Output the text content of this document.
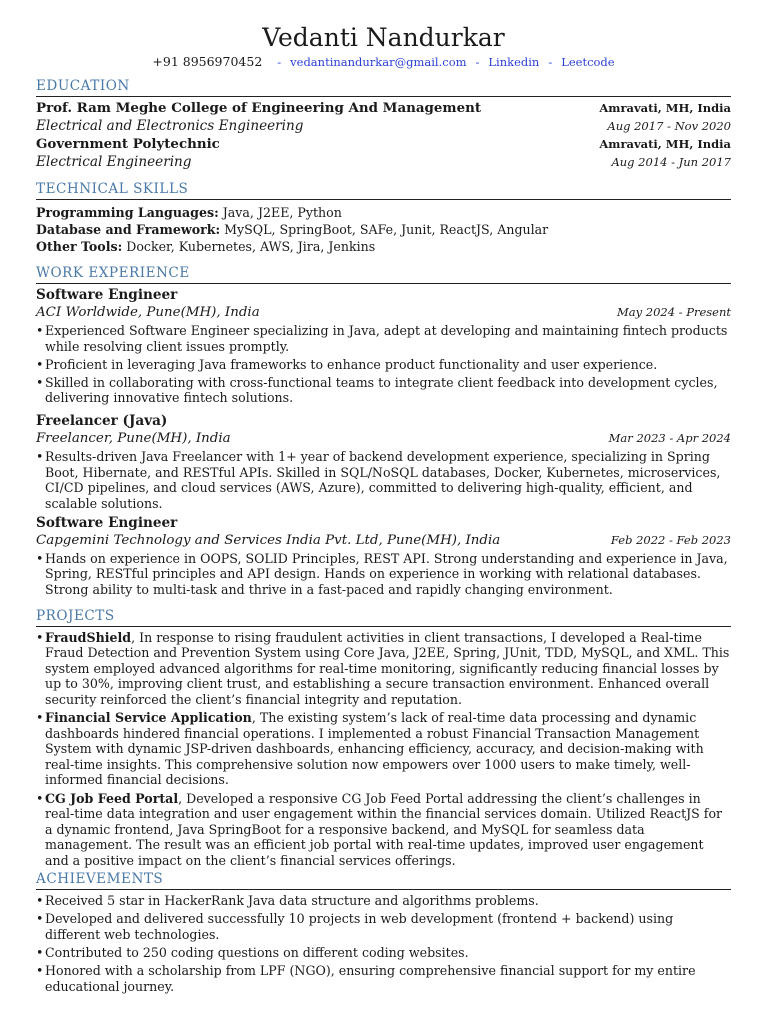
Vedanti Nandurkar
+91 8956970452 - vedantinandurkar@gmail.com - Linkedin - Leetcode
EDUCATION
Prof. Ram Meghe College of Engineering And Management	Amravati, MH, India
Electrical and Electronics Engineering	Aug 2017 - Nov 2020
Government Polytechnic	Amravati, MH, India
Electrical Engineering	Aug 2014 - Jun 2017
TECHNICAL SKILLS
Programming Languages: Java, J2EE, Python
Database and Framework: MySQL, SpringBoot, SAFe, Junit, ReactJS, Angular
Other Tools: Docker, Kubernetes, AWS, Jira, Jenkins
WORK EXPERIENCE
Software Engineer
ACI Worldwide, Pune(MH), India	May 2024 - Present
• Experienced Software Engineer specializing in Java, adept at developing and maintaining fintech products while resolving client issues promptly.
• Proficient in leveraging Java frameworks to enhance product functionality and user experience.
• Skilled in collaborating with cross-functional teams to integrate client feedback into development cycles, delivering innovative fintech solutions.
Freelancer (Java)
Freelancer, Pune(MH), India	Mar 2023 - Apr 2024
• Results-driven Java Freelancer with 1+ year of backend development experience, specializing in Spring Boot, Hibernate, and RESTful APIs. Skilled in SQL/NoSQL databases, Docker, Kubernetes, microservices, CI/CD pipelines, and cloud services (AWS, Azure), committed to delivering high-quality, efficient, and scalable solutions.
Software Engineer
Capgemini Technology and Services India Pvt. Ltd, Pune(MH), India	Feb 2022 - Feb 2023
• Hands on experience in OOPS, SOLID Principles, REST API. Strong understanding and experience in Java, Spring, RESTful principles and API design. Hands on experience in working with relational databases. Strong ability to multi-task and thrive in a fast-paced and rapidly changing environment.
PROJECTS
• FraudShield, In response to rising fraudulent activities in client transactions, I developed a Real-time Fraud Detection and Prevention System using Core Java, J2EE, Spring, JUnit, TDD, MySQL, and XML. This system employed advanced algorithms for real-time monitoring, significantly reducing financial losses by up to 30%, improving client trust, and establishing a secure transaction environment. Enhanced overall security reinforced the client’s financial integrity and reputation.
• Financial Service Application, The existing system’s lack of real-time data processing and dynamic dashboards hindered financial operations. I implemented a robust Financial Transaction Management System with dynamic JSP-driven dashboards, enhancing efficiency, accuracy, and decision-making with real-time insights. This comprehensive solution now empowers over 1000 users to make timely, well-informed financial decisions.
• CG Job Feed Portal, Developed a responsive CG Job Feed Portal addressing the client’s challenges in real-time data integration and user engagement within the financial services domain. Utilized ReactJS for a dynamic frontend, Java SpringBoot for a responsive backend, and MySQL for seamless data management. The result was an efficient job portal with real-time updates, improved user engagement and a positive impact on the client’s financial services offerings.
ACHIEVEMENTS
• Received 5 star in HackerRank Java data structure and algorithms problems.
• Developed and delivered successfully 10 projects in web development (frontend + backend) using different web technologies.
• Contributed to 250 coding questions on different coding websites.
• Honored with a scholarship from LPF (NGO), ensuring comprehensive financial support for my entire educational journey.
